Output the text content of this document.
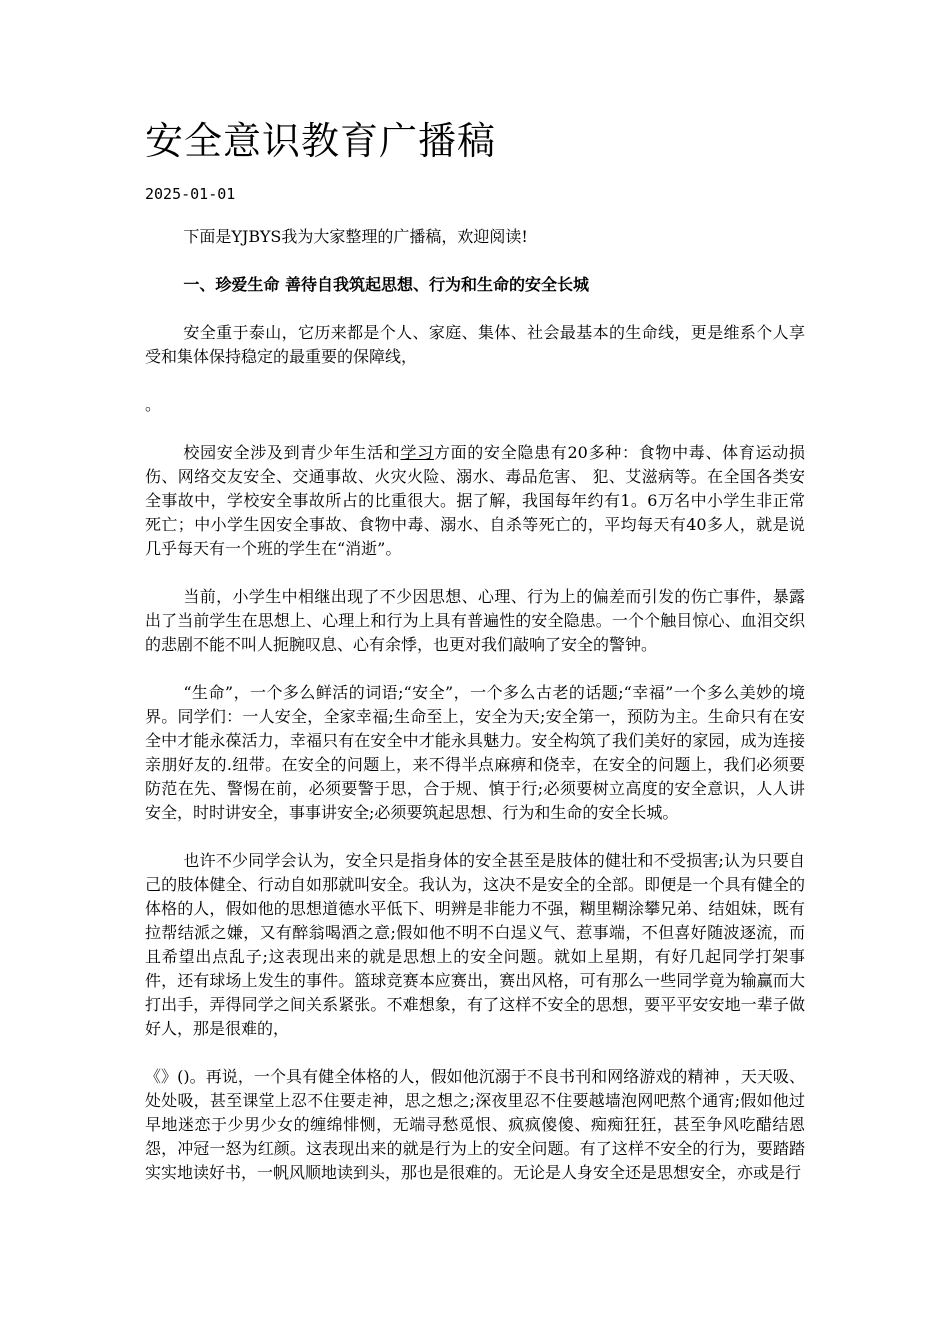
安全意识教育广播稿
2025-01-01

下面是YJBYS我为大家整理的广播稿，欢迎阅读!

一、珍爱生命 善待自我筑起思想、行为和生命的安全长城

安全重于泰山，它历来都是个人、家庭、集体、社会最基本的生命线，更是维系个人享受和集体保持稳定的最重要的保障线，

。

校园安全涉及到青少年生活和学习方面的安全隐患有20多种：食物中毒、体育运动损伤、网络交友安全、交通事故、火灾火险、溺水、毒品危害、 犯、艾滋病等。在全国各类安全事故中，学校安全事故所占的比重很大。据了解，我国每年约有1。6万名中小学生非正常死亡；中小学生因安全事故、食物中毒、溺水、自杀等死亡的，平均每天有40多人，就是说几乎每天有一个班的学生在“消逝”。

当前，小学生中相继出现了不少因思想、心理、行为上的偏差而引发的伤亡事件，暴露出了当前学生在思想上、心理上和行为上具有普遍性的安全隐患。一个个触目惊心、血泪交织的悲剧不能不叫人扼腕叹息、心有余悸，也更对我们敲响了安全的警钟。

“生命”，一个多么鲜活的词语;“安全”，一个多么古老的话题;“幸福”一个多么美妙的境界。同学们：一人安全，全家幸福;生命至上，安全为天;安全第一，预防为主。生命只有在安全中才能永葆活力，幸福只有在安全中才能永具魅力。安全构筑了我们美好的家园，成为连接亲朋好友的.纽带。在安全的问题上，来不得半点麻痹和侥幸，在安全的问题上，我们必须要防范在先、警惕在前，必须要警于思，合于规、慎于行;必须要树立高度的安全意识，人人讲安全，时时讲安全，事事讲安全;必须要筑起思想、行为和生命的安全长城。

也许不少同学会认为，安全只是指身体的安全甚至是肢体的健壮和不受损害;认为只要自己的肢体健全、行动自如那就叫安全。我认为，这决不是安全的全部。即便是一个具有健全的体格的人，假如他的思想道德水平低下、明辨是非能力不强，糊里糊涂攀兄弟、结姐妹，既有拉帮结派之嫌，又有醉翁喝酒之意;假如他不明不白逞义气、惹事端，不但喜好随波逐流，而且希望出点乱子;这表现出来的就是思想上的安全问题。就如上星期，有好几起同学打架事件，还有球场上发生的事件。篮球竞赛本应赛出，赛出风格，可有那么一些同学竟为输赢而大打出手，弄得同学之间关系紧张。不难想象，有了这样不安全的思想，要平平安安地一辈子做好人，那是很难的，

《》()。再说，一个具有健全体格的人，假如他沉溺于不良书刊和网络游戏的精神 ，天天吸、处处吸，甚至课堂上忍不住要走神，思之想之;深夜里忍不住要越墙泡网吧熬个通宵;假如他过早地迷恋于少男少女的缠绵悱恻，无端寻愁觅恨、疯疯傻傻、痴痴狂狂，甚至争风吃醋结恩怨，冲冠一怒为红颜。这表现出来的就是行为上的安全问题。有了这样不安全的行为，要踏踏实实地读好书，一帆风顺地读到头，那也是很难的。无论是人身安全还是思想安全，亦或是行
